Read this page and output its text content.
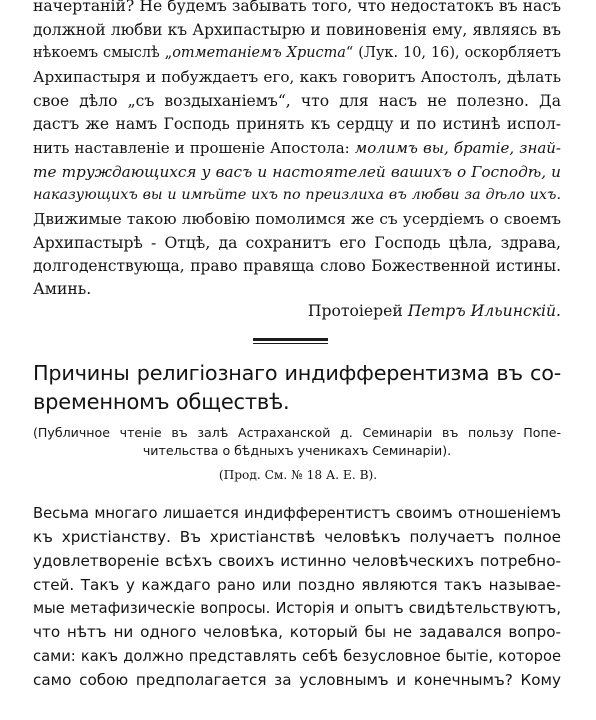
начертаній? Не будемъ забывать того, что недостатокъ въ насъ
должной любви къ Архипастырю и повиновенія ему, являясь въ
нѣкоемъ смыслѣ „отметаніемъ Христа“ (Лук. 10, 16), оскорбляетъ
Архипастыря и побуждаетъ его, какъ говоритъ Апостолъ, дѣлать
свое дѣло „съ воздыханіемъ“, что для насъ не полезно. Да
дастъ же намъ Господь принять къ сердцу и по истинѣ испол-
нить наставленіе и прошеніе Апостола: молимъ вы, братіе, знай-
те труждающихся у васъ и настоятелей вашихъ о Господѣ, и
наказующихъ вы и имѣйте ихъ по преизлиха въ любви за дѣло ихъ.
Движимые такою любовію помолимся же съ усердіемъ о своемъ
Архипастырѣ - Отцѣ, да сохранитъ его Господь цѣла, здрава,
долгоденствующа, право правяща слово Божественной истины.
Аминь.
Протоіерей Петръ Ильинскій.
Причины религіознаго индифферентизма въ со-
временномъ обществѣ.
(Публичное чтеніе въ залѣ Астраханской д. Семинаріи въ пользу Попе-
чительства о бѣдныхъ ученикахъ Семинаріи).
(Прод. См. № 18 А. Е. В).
Весьма многаго лишается индифферентистъ своимъ отношеніемъ
къ христіанству. Въ христіанствѣ человѣкъ получаетъ полное
удовлетвореніе всѣхъ своихъ истинно человѣческихъ потребно-
стей. Такъ у каждаго рано или поздно являются такъ называе-
мые метафизическіе вопросы. Исторія и опытъ свидѣтельствуютъ,
что нѣтъ ни одного человѣка, который бы не задавался вопро-
сами: какъ должно представлять себѣ безусловное бытіе, которое
само собою предполагается за условнымъ и конечнымъ? Кому
